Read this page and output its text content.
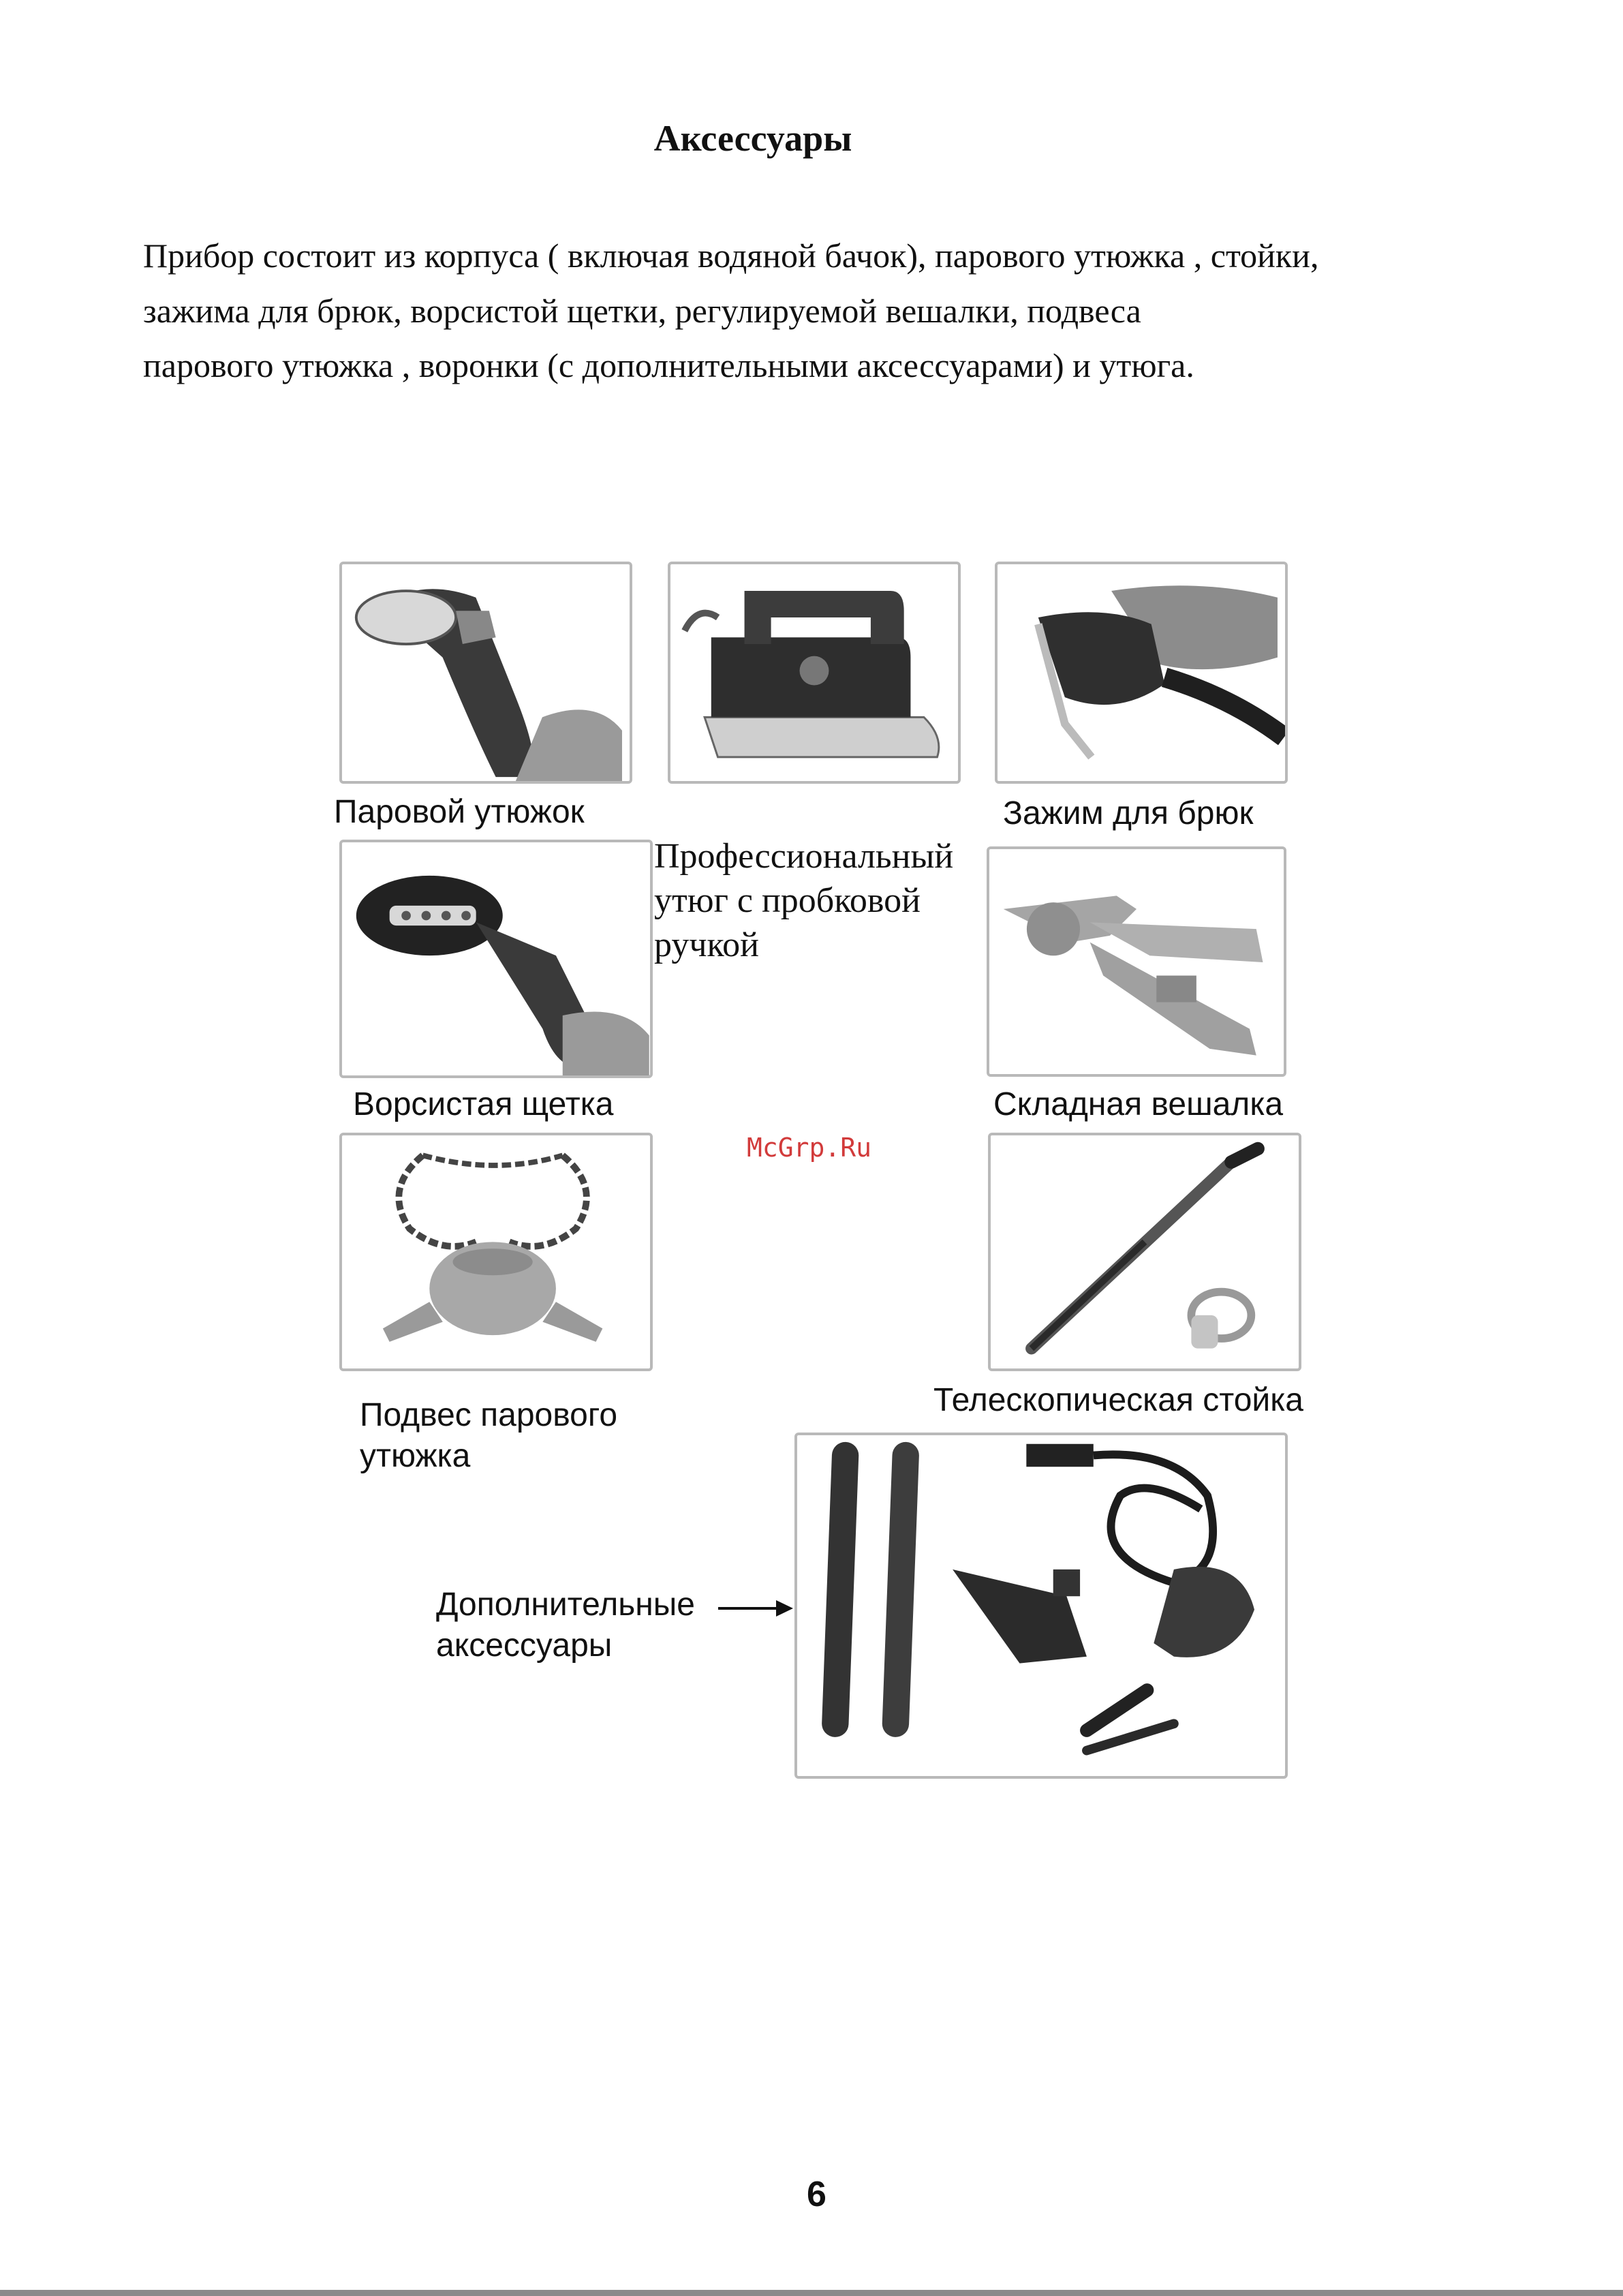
Аксессуары
Прибор состоит из корпуса ( включая водяной бачок), парового утюжка , стойки,
зажима для брюк, ворсистой щетки, регулируемой вешалки, подвеса
парового утюжка , воронки (с дополнительными аксессуарами) и утюга.
Паровой утюжок
Профессиональный
утюг с пробковой
ручкой
Зажим для брюк
Ворсистая щетка	Складная вешалка
McGrp.Ru
Подвес парового
утюжка
Телескопическая стойка
Дополнительные
аксессуары
6
